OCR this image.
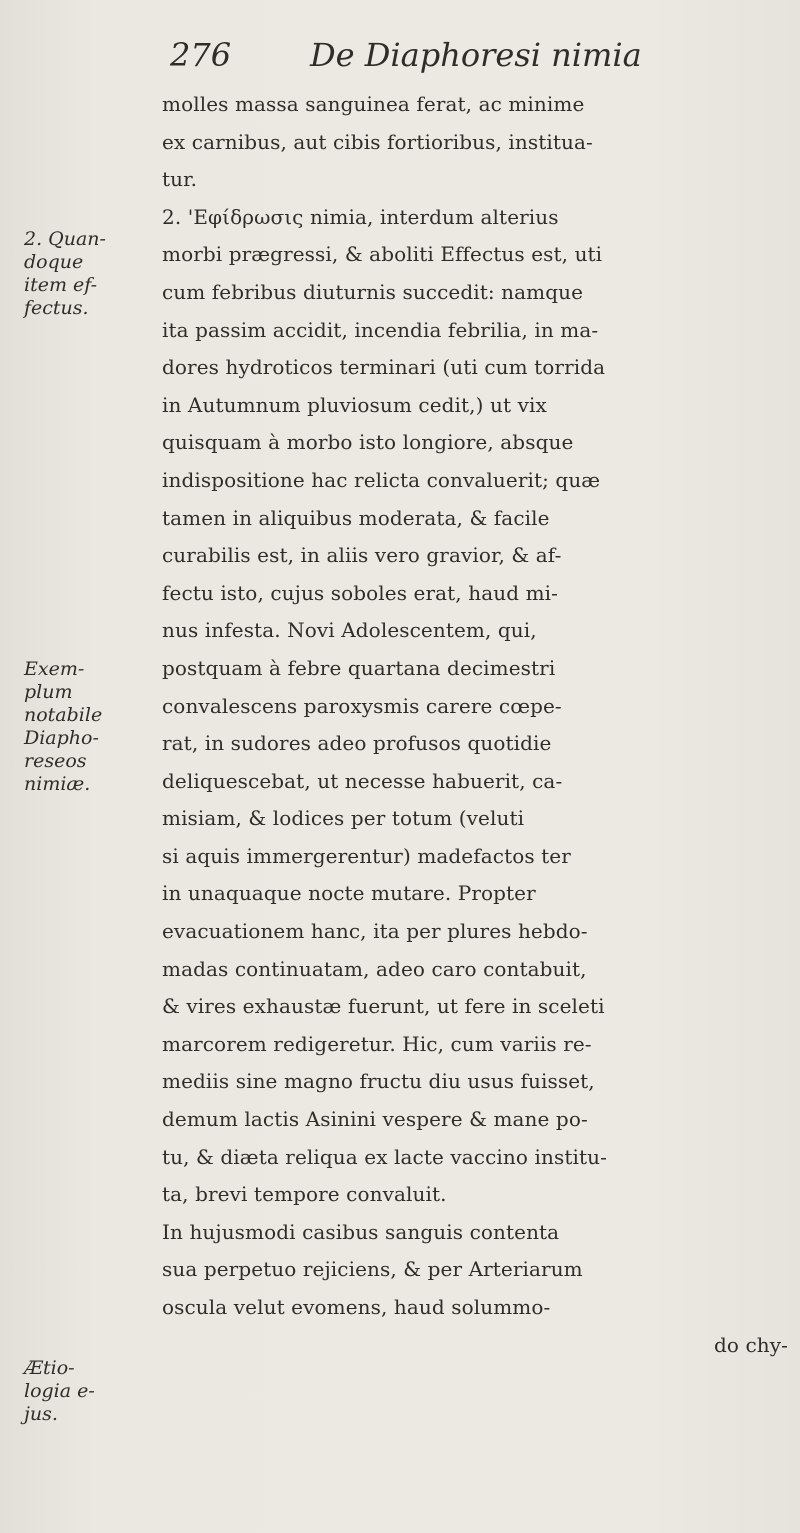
276 De Diaphoresi nimia
2. Quan-
doque
item ef-
fectus.
Exem-
plum
notabile
Diapho-
reseos
nimiæ.
Ætio-
logia e-
jus.
molles massa sanguinea ferat, ac minime
ex carnibus, aut cibis fortioribus, institua-
tur.
2. 'Εφίδρωσις nimia, interdum alterius
morbi prægressi, & aboliti Effectus est, uti
cum febribus diuturnis succedit: namque
ita passim accidit, incendia febrilia, in ma-
dores hydroticos terminari (uti cum torrida
in Autumnum pluviosum cedit,) ut vix
quisquam à morbo isto longiore, absque
indispositione hac relicta convaluerit; quæ
tamen in aliquibus moderata, & facile
curabilis est, in aliis vero gravior, & af-
fectu isto, cujus soboles erat, haud mi-
nus infesta. Novi Adolescentem, qui,
postquam à febre quartana decimestri
convalescens paroxysmis carere cœpe-
rat, in sudores adeo profusos quotidie
deliquescebat, ut necesse habuerit, ca-
misiam, & lodices per totum (veluti
si aquis immergerentur) madefactos ter
in unaquaque nocte mutare. Propter
evacuationem hanc, ita per plures hebdo-
madas continuatam, adeo caro contabuit,
& vires exhaustæ fuerunt, ut fere in sceleti
marcorem redigeretur. Hic, cum variis re-
mediis sine magno fructu diu usus fuisset,
demum lactis Asinini vespere & mane po-
tu, & diæta reliqua ex lacte vaccino institu-
ta, brevi tempore convaluit.
In hujusmodi casibus sanguis contenta
sua perpetuo rejiciens, & per Arteriarum
oscula velut evomens, haud solummo-
do chy-
